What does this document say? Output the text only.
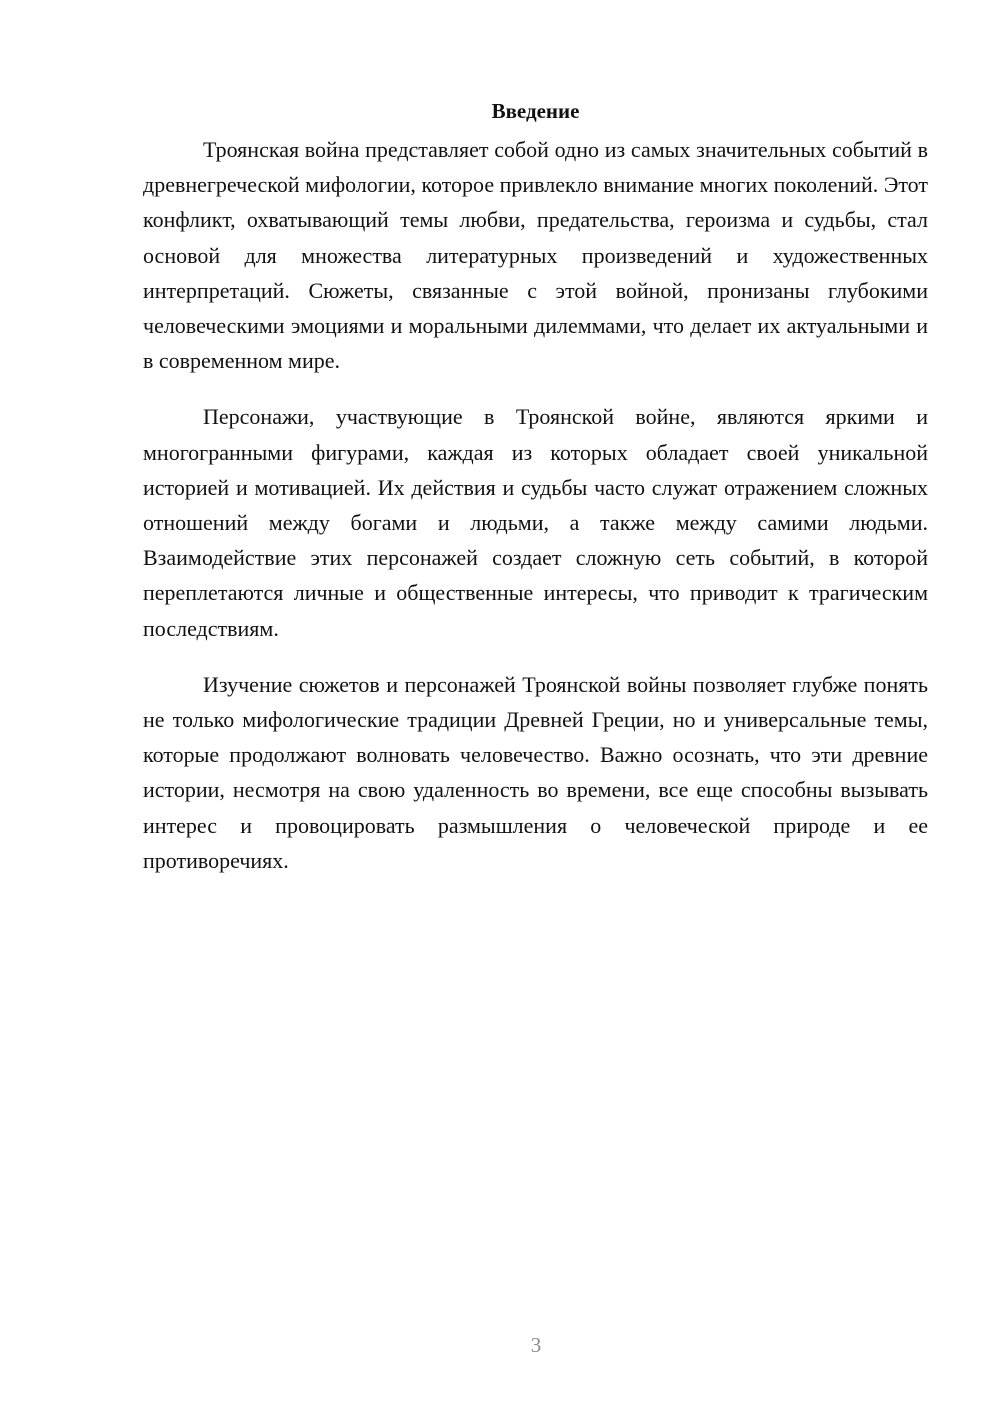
Введение

Троянская война представляет собой одно из самых значительных событий в древнегреческой мифологии, которое привлекло внимание многих поколений. Этот конфликт, охватывающий темы любви, предательства, героизма и судьбы, стал основой для множества литературных произведений и художественных интерпретаций. Сюжеты, связанные с этой войной, пронизаны глубокими человеческими эмоциями и моральными дилеммами, что делает их актуальными и в современном мире.

Персонажи, участвующие в Троянской войне, являются яркими и многогранными фигурами, каждая из которых обладает своей уникальной историей и мотивацией. Их действия и судьбы часто служат отражением сложных отношений между богами и людьми, а также между самими людьми. Взаимодействие этих персонажей создает сложную сеть событий, в которой переплетаются личные и общественные интересы, что приводит к трагическим последствиям.

Изучение сюжетов и персонажей Троянской войны позволяет глубже понять не только мифологические традиции Древней Греции, но и универсальные темы, которые продолжают волновать человечество. Важно осознать, что эти древние истории, несмотря на свою удаленность во времени, все еще способны вызывать интерес и провоцировать размышления о человеческой природе и ее противоречиях.

3
